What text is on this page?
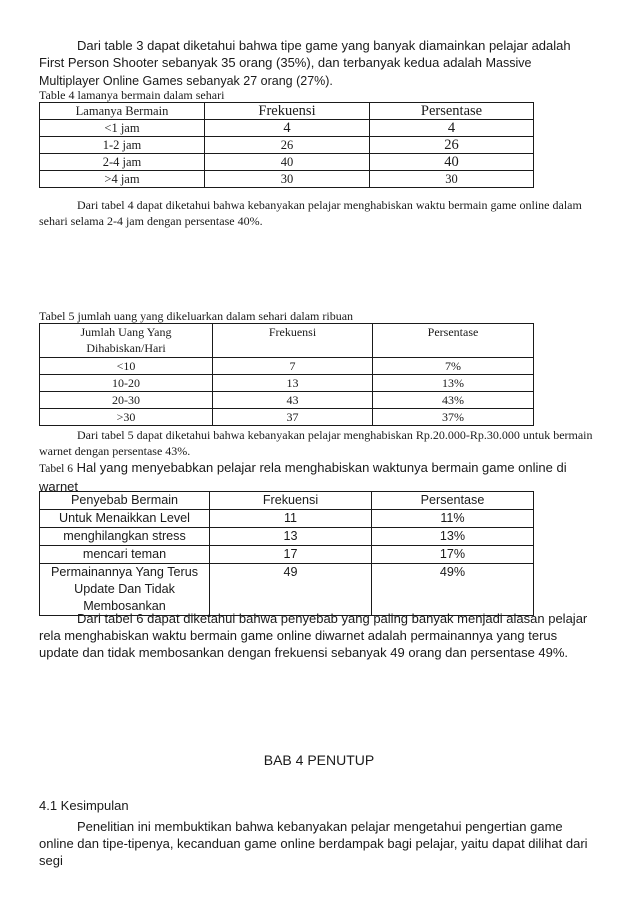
Dari table 3 dapat diketahui bahwa tipe game yang banyak diamainkan pelajar adalah First Person Shooter sebanyak 35 orang (35%), dan terbanyak kedua adalah Massive Multiplayer Online Games sebanyak 27 orang (27%).
Table 4 lamanya bermain dalam sehari
Lamanya Bermain	Frekuensi	Persentase
<1 jam	4	4
1-2 jam	26	26
2-4 jam	40	40
>4 jam	30	30
Dari tabel 4 dapat diketahui bahwa kebanyakan pelajar menghabiskan waktu bermain game online dalam sehari selama 2-4 jam dengan persentase 40%.
Tabel 5 jumlah uang yang dikeluarkan dalam sehari dalam ribuan
Jumlah Uang Yang Dihabiskan/Hari	Frekuensi	Persentase
<10	7	7%
10-20	13	13%
20-30	43	43%
>30	37	37%
Dari tabel 5 dapat diketahui bahwa kebanyakan pelajar menghabiskan Rp.20.000-Rp.30.000 untuk bermain warnet dengan persentase 43%.
Tabel 6 Hal yang menyebabkan pelajar rela menghabiskan waktunya bermain game online di warnet
Penyebab Bermain	Frekuensi	Persentase
Untuk Menaikkan Level	11	11%
menghilangkan stress	13	13%
mencari teman	17	17%
Permainannya Yang Terus Update Dan Tidak Membosankan	49	49%
Dari tabel 6 dapat diketahui bahwa penyebab yang paling banyak menjadi alasan pelajar rela menghabiskan waktu bermain game online diwarnet adalah permainannya yang terus update dan tidak membosankan dengan frekuensi sebanyak 49 orang dan persentase 49%.
BAB 4 PENUTUP
4.1 Kesimpulan
Penelitian ini membuktikan bahwa kebanyakan pelajar mengetahui pengertian game online dan tipe-tipenya, kecanduan game online berdampak bagi pelajar, yaitu dapat dilihat dari segi
